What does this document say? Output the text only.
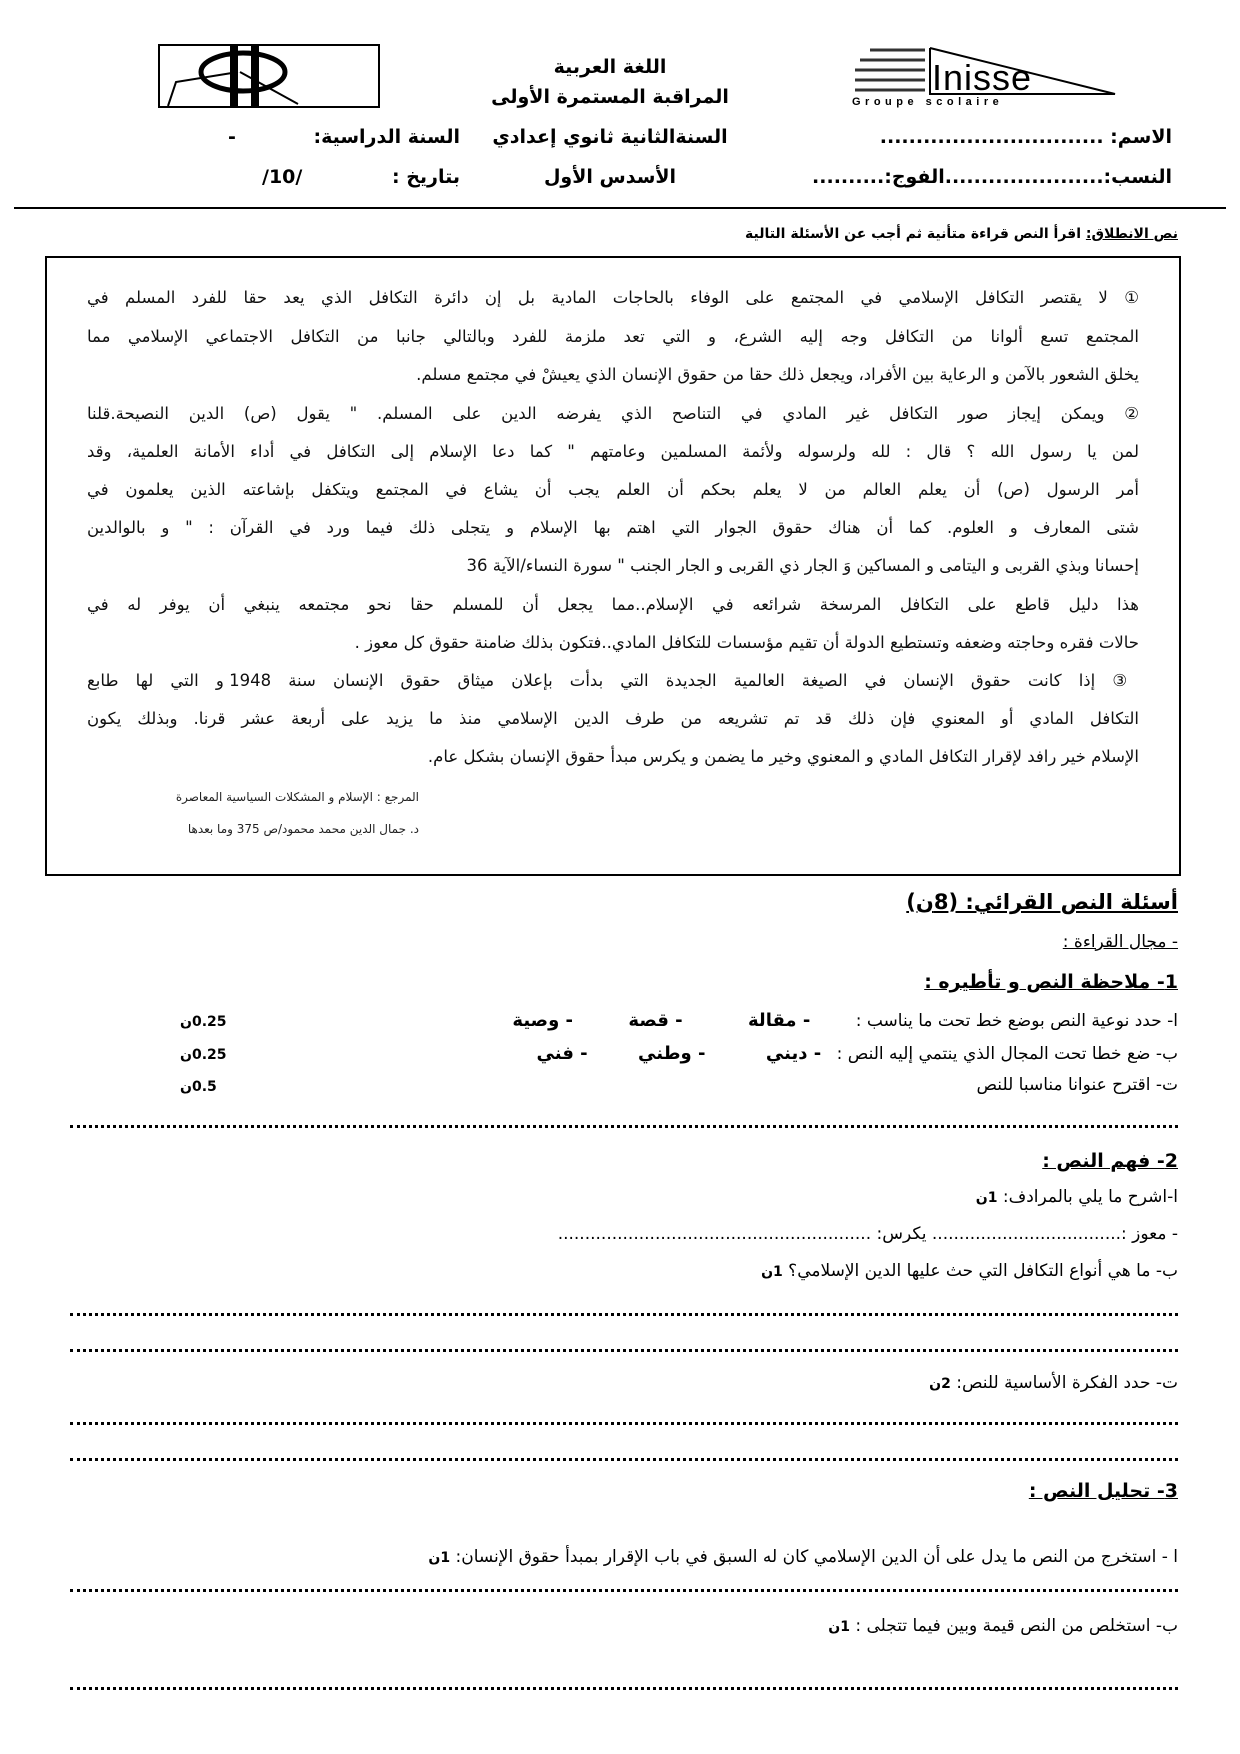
Inisse
Groupe scolaire
اللغة العربية
المراقبة المستمرة الأولى
الاسم: ...............................
السنةالثانية ثانوي إعدادي
السنة الدراسية:
-
النسب:......................الفوج:..........
الأسدس الأول
بتاريخ :
/10/
نص الانطلاق: اقرأ النص قراءة متأنية ثم أجب عن الأسئلة التالية
① لا يقتصر التكافل الإسلامي في المجتمع على الوفاء بالحاجات المادية بل إن دائرة التكافل الذي يعد حقا للفرد المسلم في
المجتمع تسع ألوانا من التكافل وجه إليه الشرع، و التي تعد ملزمة للفرد وبالتالي جانبا من التكافل الاجتماعي الإسلامي مما
يخلق الشعور بالآمن و الرعاية بين الأفراد، ويجعل ذلك حقا من حقوق الإنسان الذي يعيشْ في مجتمع مسلم.
② ويمكن إيجاز صور التكافل غير المادي في التناصح الذي يفرضه الدين على المسلم. " يقول (ص) الدين النصيحة.قلنا
لمن يا رسول الله ؟ قال : لله ولرسوله ولأئمة المسلمين وعامتهم " كما دعا الإسلام إلى التكافل في أداء الأمانة العلمية، وقد
أمر الرسول (ص) أن يعلم العالم من لا يعلم بحكم أن العلم يجب أن يشاع في المجتمع ويتكفل بإشاعته الذين يعلمون في
شتى المعارف و العلوم. كما أن هناك حقوق الجوار التي اهتم بها الإسلام و يتجلى ذلك فيما ورد في القرآن : " و بالوالدين
إحسانا وبذي القربى و اليتامى و المساكين وَ الجار ذي القربى و الجار الجنب " سورة النساء/الآية 36
هذا دليل قاطع على التكافل المرسخة شرائعه في الإسلام..مما يجعل أن للمسلم حقا نحو مجتمعه ينبغي أن يوفر له في
حالات فقره وحاجته وضعفه وتستطيع الدولة أن تقيم مؤسسات للتكافل المادي..فتكون بذلك ضامنة حقوق كل معوز .
③ إذا كانت حقوق الإنسان في الصيغة العالمية الجديدة التي بدأت بإعلان ميثاق حقوق الإنسان سنة 1948 و التي لها طابع
التكافل المادي أو المعنوي فإن ذلك قد تم تشريعه من طرف الدين الإسلامي منذ ما يزيد على أربعة عشر قرنا. وبذلك يكون
الإسلام خير رافد لإقرار التكافل المادي و المعنوي وخير ما يضمن و يكرس مبدأ حقوق الإنسان بشكل عام.
المرجع : الإسلام و المشكلات السياسية المعاصرة
د. جمال الدين محمد محمود/ص 375 وما بعدها
أسئلة النص القرائي: (8ن)
- مجال القراءة :
1- ملاحظة النص و تأطيره :
ا- حدد نوعية النص بوضع خط تحت ما يناسب : - مقالة - قصة - وصية
0.25ن
ب- ضع خطا تحت المجال الذي ينتمي إليه النص : - ديني - وطني - فني
0.25ن
ت- اقترح عنوانا مناسبا للنص
0.5ن
2- فهم النص :
ا-اشرح ما يلي بالمرادف: 1ن
- معوز :................................... يكرس: ..........................................................
ب- ما هي أنواع التكافل التي حث عليها الدين الإسلامي؟ 1ن
ت- حدد الفكرة الأساسية للنص: 2ن
3- تحليل النص :
ا - استخرج من النص ما يدل على أن الدين الإسلامي كان له السبق في باب الإقرار بمبدأ حقوق الإنسان: 1ن
ب- استخلص من النص قيمة وبين فيما تتجلى : 1ن
